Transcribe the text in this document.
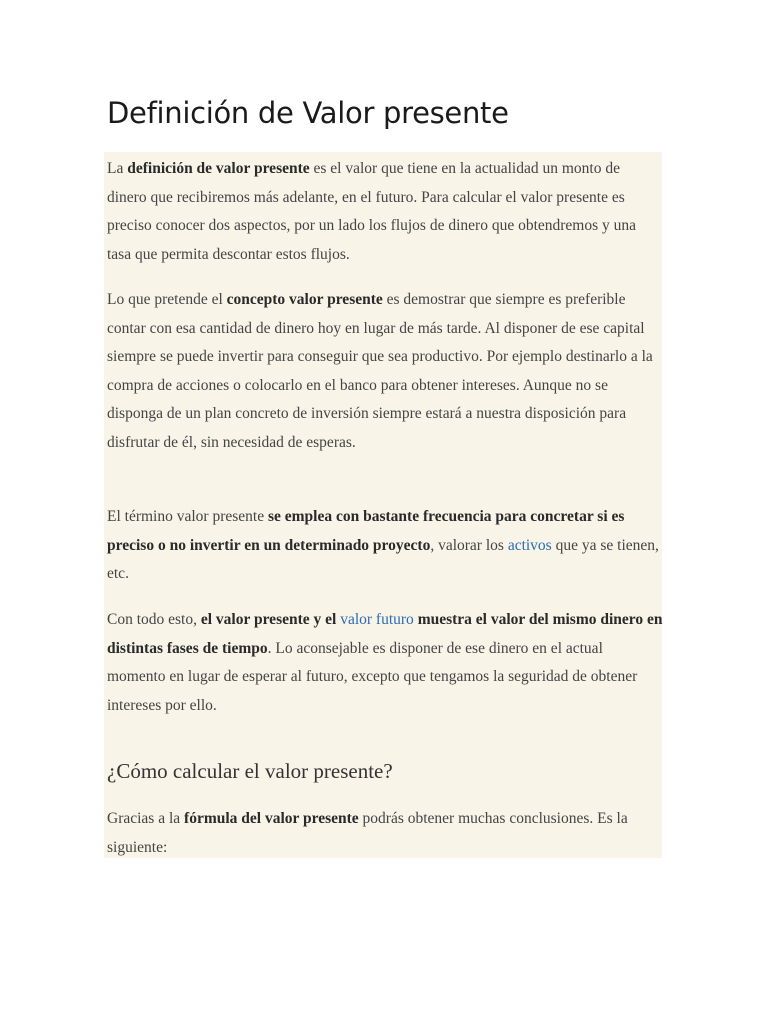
Definición de Valor presente

La definición de valor presente es el valor que tiene en la actualidad un monto de dinero que recibiremos más adelante, en el futuro. Para calcular el valor presente es preciso conocer dos aspectos, por un lado los flujos de dinero que obtendremos y una tasa que permita descontar estos flujos.

Lo que pretende el concepto valor presente es demostrar que siempre es preferible contar con esa cantidad de dinero hoy en lugar de más tarde. Al disponer de ese capital siempre se puede invertir para conseguir que sea productivo. Por ejemplo destinarlo a la compra de acciones o colocarlo en el banco para obtener intereses. Aunque no se disponga de un plan concreto de inversión siempre estará a nuestra disposición para disfrutar de él, sin necesidad de esperas.

El término valor presente se emplea con bastante frecuencia para concretar si es preciso o no invertir en un determinado proyecto, valorar los activos que ya se tienen, etc.

Con todo esto, el valor presente y el valor futuro muestra el valor del mismo dinero en distintas fases de tiempo. Lo aconsejable es disponer de ese dinero en el actual momento en lugar de esperar al futuro, excepto que tengamos la seguridad de obtener intereses por ello.

¿Cómo calcular el valor presente?

Gracias a la fórmula del valor presente podrás obtener muchas conclusiones. Es la siguiente:
